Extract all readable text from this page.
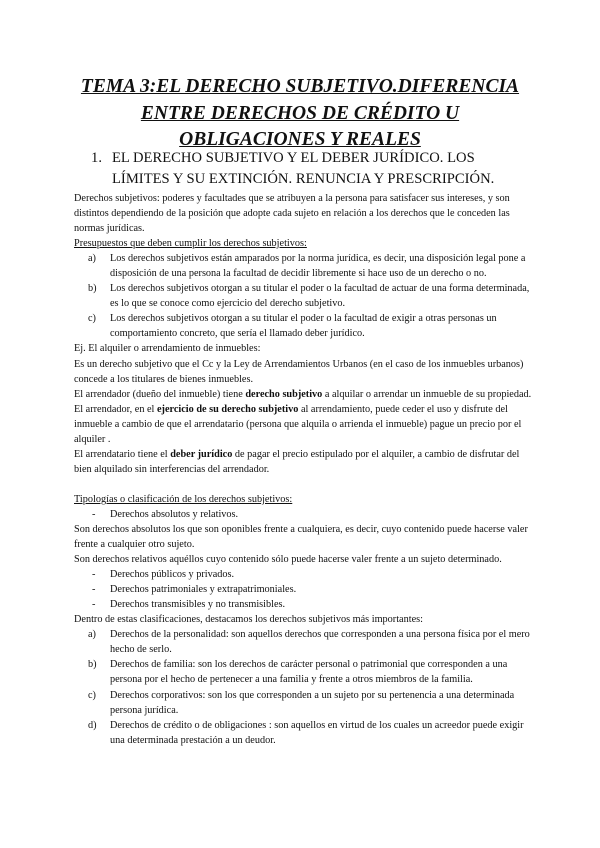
TEMA 3:EL DERECHO SUBJETIVO.DIFERENCIA
ENTRE DERECHOS DE CRÉDITO U
OBLIGACIONES Y REALES
1. EL DERECHO SUBJETIVO Y EL DEBER JURÍDICO. LOS
LÍMITES Y SU EXTINCIÓN. RENUNCIA Y PRESCRIPCIÓN.

Derechos subjetivos: poderes y facultades que se atribuyen a la persona para satisfacer sus intereses, y son distintos dependiendo de la posición que adopte cada sujeto en relación a los derechos que le conceden las normas jurídicas.

Presupuestos que deben cumplir los derechos subjetivos:

a) Los derechos subjetivos están amparados por la norma jurídica, es decir, una disposición legal pone a disposición de una persona la facultad de decidir libremente si hace uso de un derecho o no.
b) Los derechos subjetivos otorgan a su titular el poder o la facultad de actuar de una forma determinada, es lo que se conoce como ejercicio del derecho subjetivo.
c) Los derechos subjetivos otorgan a su titular el poder o la facultad de exigir a otras personas un comportamiento concreto, que sería el llamado deber jurídico.

Ej. El alquiler o arrendamiento de inmuebles:

Es un derecho subjetivo que el Cc y la Ley de Arrendamientos Urbanos (en el caso de los inmuebles urbanos) concede a los titulares de bienes inmuebles.

El arrendador (dueño del inmueble) tiene derecho subjetivo a alquilar o arrendar un inmueble de su propiedad.

El arrendador, en el ejercicio de su derecho subjetivo al arrendamiento, puede ceder el uso y disfrute del inmueble a cambio de que el arrendatario (persona que alquila o arrienda el inmueble) pague un precio por el alquiler .

El arrendatario tiene el deber jurídico de pagar el precio estipulado por el alquiler, a cambio de disfrutar del bien alquilado sin interferencias del arrendador.

Tipologías o clasificación de los derechos subjetivos:

- Derechos absolutos y relativos.

Son derechos absolutos los que son oponibles frente a cualquiera, es decir, cuyo contenido puede hacerse valer frente a cualquier otro sujeto.

Son derechos relativos aquéllos cuyo contenido sólo puede hacerse valer frente a un sujeto determinado.

- Derechos públicos y privados.
- Derechos patrimoniales y extrapatrimoniales.
- Derechos transmisibles y no transmisibles.

Dentro de estas clasificaciones, destacamos los derechos subjetivos más importantes:

a) Derechos de la personalidad: son aquellos derechos que corresponden a una persona física por el mero hecho de serlo.
b) Derechos de familia: son los derechos de carácter personal o patrimonial que corresponden a una persona por el hecho de pertenecer a una familia y frente a otros miembros de la familia.
c) Derechos corporativos: son los que corresponden a un sujeto por su pertenencia a una determinada persona jurídica.
d) Derechos de crédito o de obligaciones : son aquellos en virtud de los cuales un acreedor puede exigir una determinada prestación a un deudor.
